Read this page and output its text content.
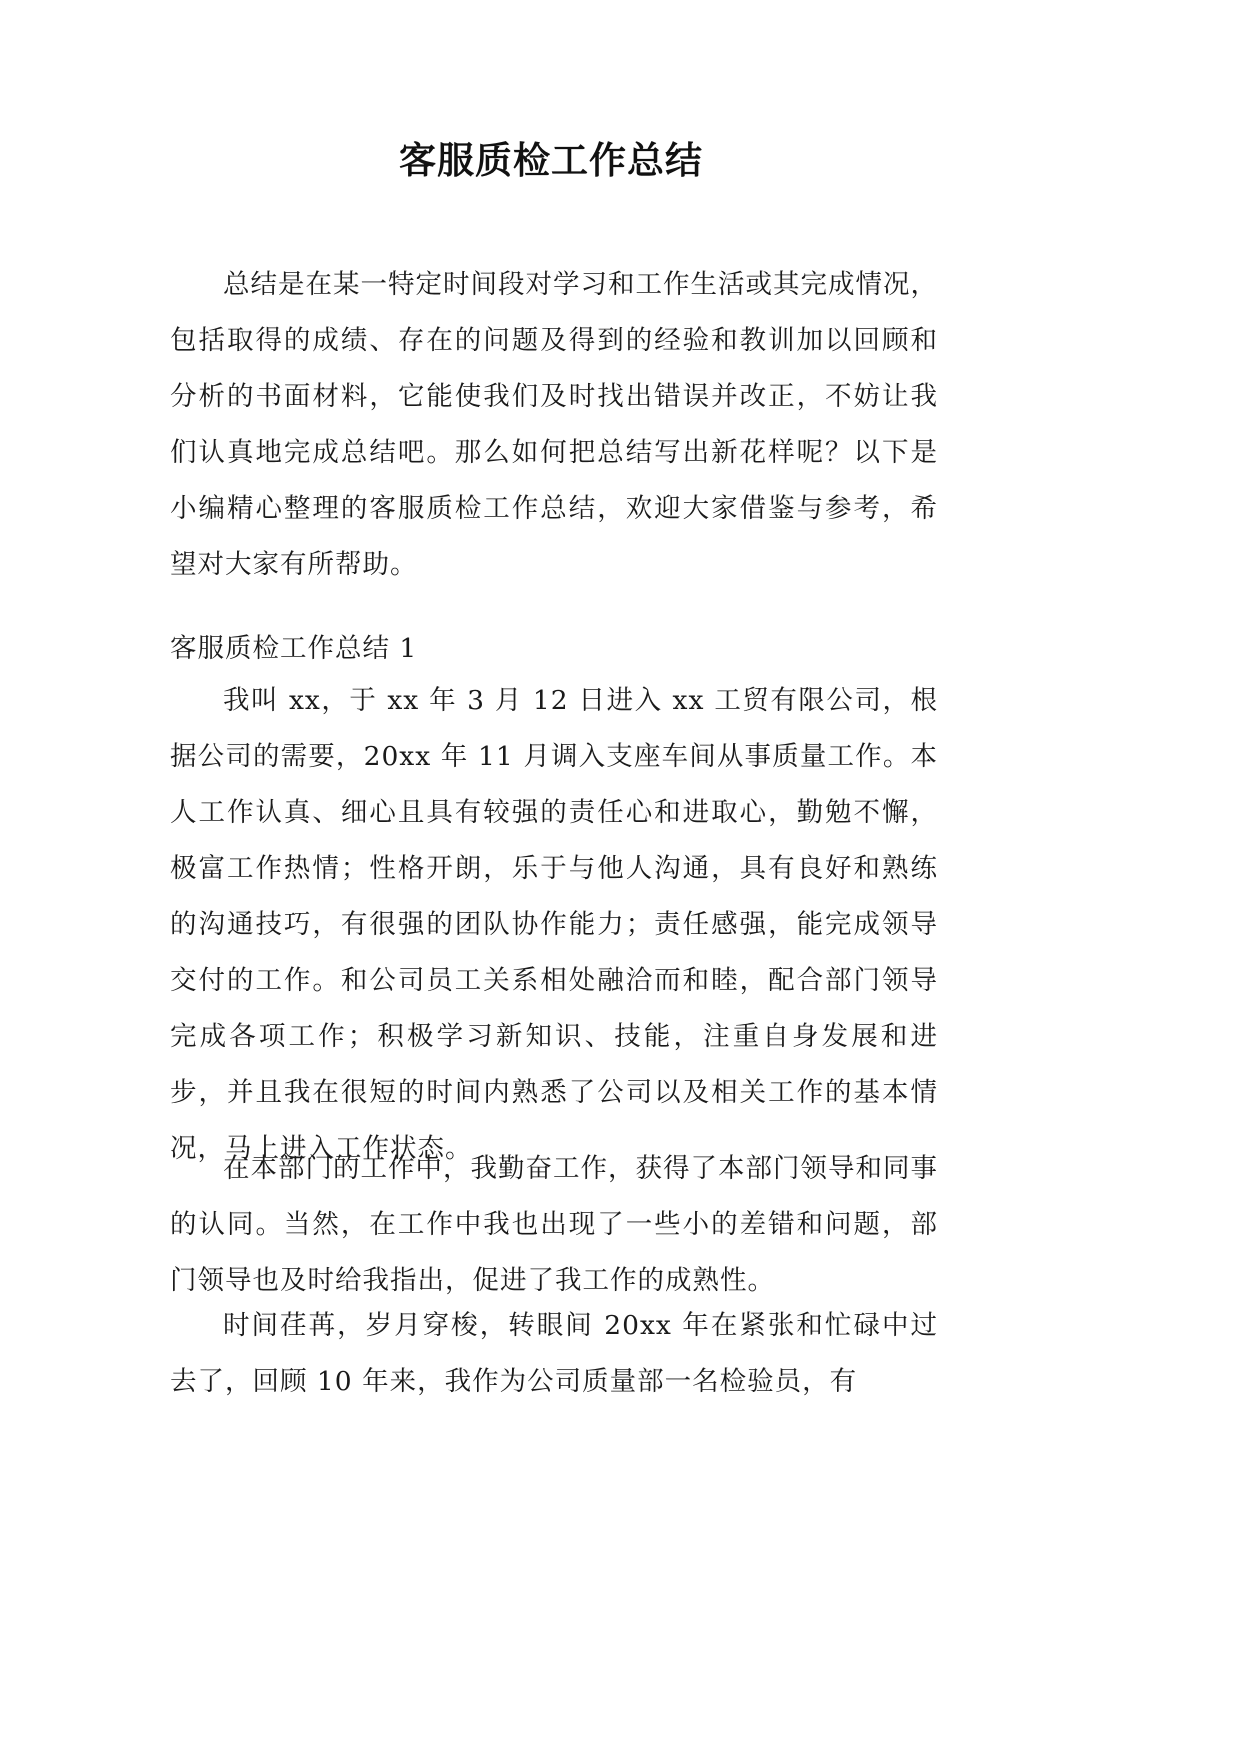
客服质检工作总结

总结是在某一特定时间段对学习和工作生活或其完成情况，包括取得的成绩、存在的问题及得到的经验和教训加以回顾和分析的书面材料，它能使我们及时找出错误并改正，不妨让我们认真地完成总结吧。那么如何把总结写出新花样呢？以下是小编精心整理的客服质检工作总结，欢迎大家借鉴与参考，希望对大家有所帮助。

客服质检工作总结 1

我叫 xx，于 xx 年 3 月 12 日进入 xx 工贸有限公司，根据公司的需要，20xx 年 11 月调入支座车间从事质量工作。本人工作认真、细心且具有较强的责任心和进取心，勤勉不懈，极富工作热情；性格开朗，乐于与他人沟通，具有良好和熟练的沟通技巧，有很强的团队协作能力；责任感强，能完成领导交付的工作。和公司员工关系相处融洽而和睦，配合部门领导完成各项工作；积极学习新知识、技能，注重自身发展和进步，并且我在很短的时间内熟悉了公司以及相关工作的基本情况，马上进入工作状态。

在本部门的工作中，我勤奋工作，获得了本部门领导和同事的认同。当然，在工作中我也出现了一些小的差错和问题，部门领导也及时给我指出，促进了我工作的成熟性。

时间荏苒，岁月穿梭，转眼间 20xx 年在紧张和忙碌中过去了，回顾 10 年来，我作为公司质量部一名检验员，有
